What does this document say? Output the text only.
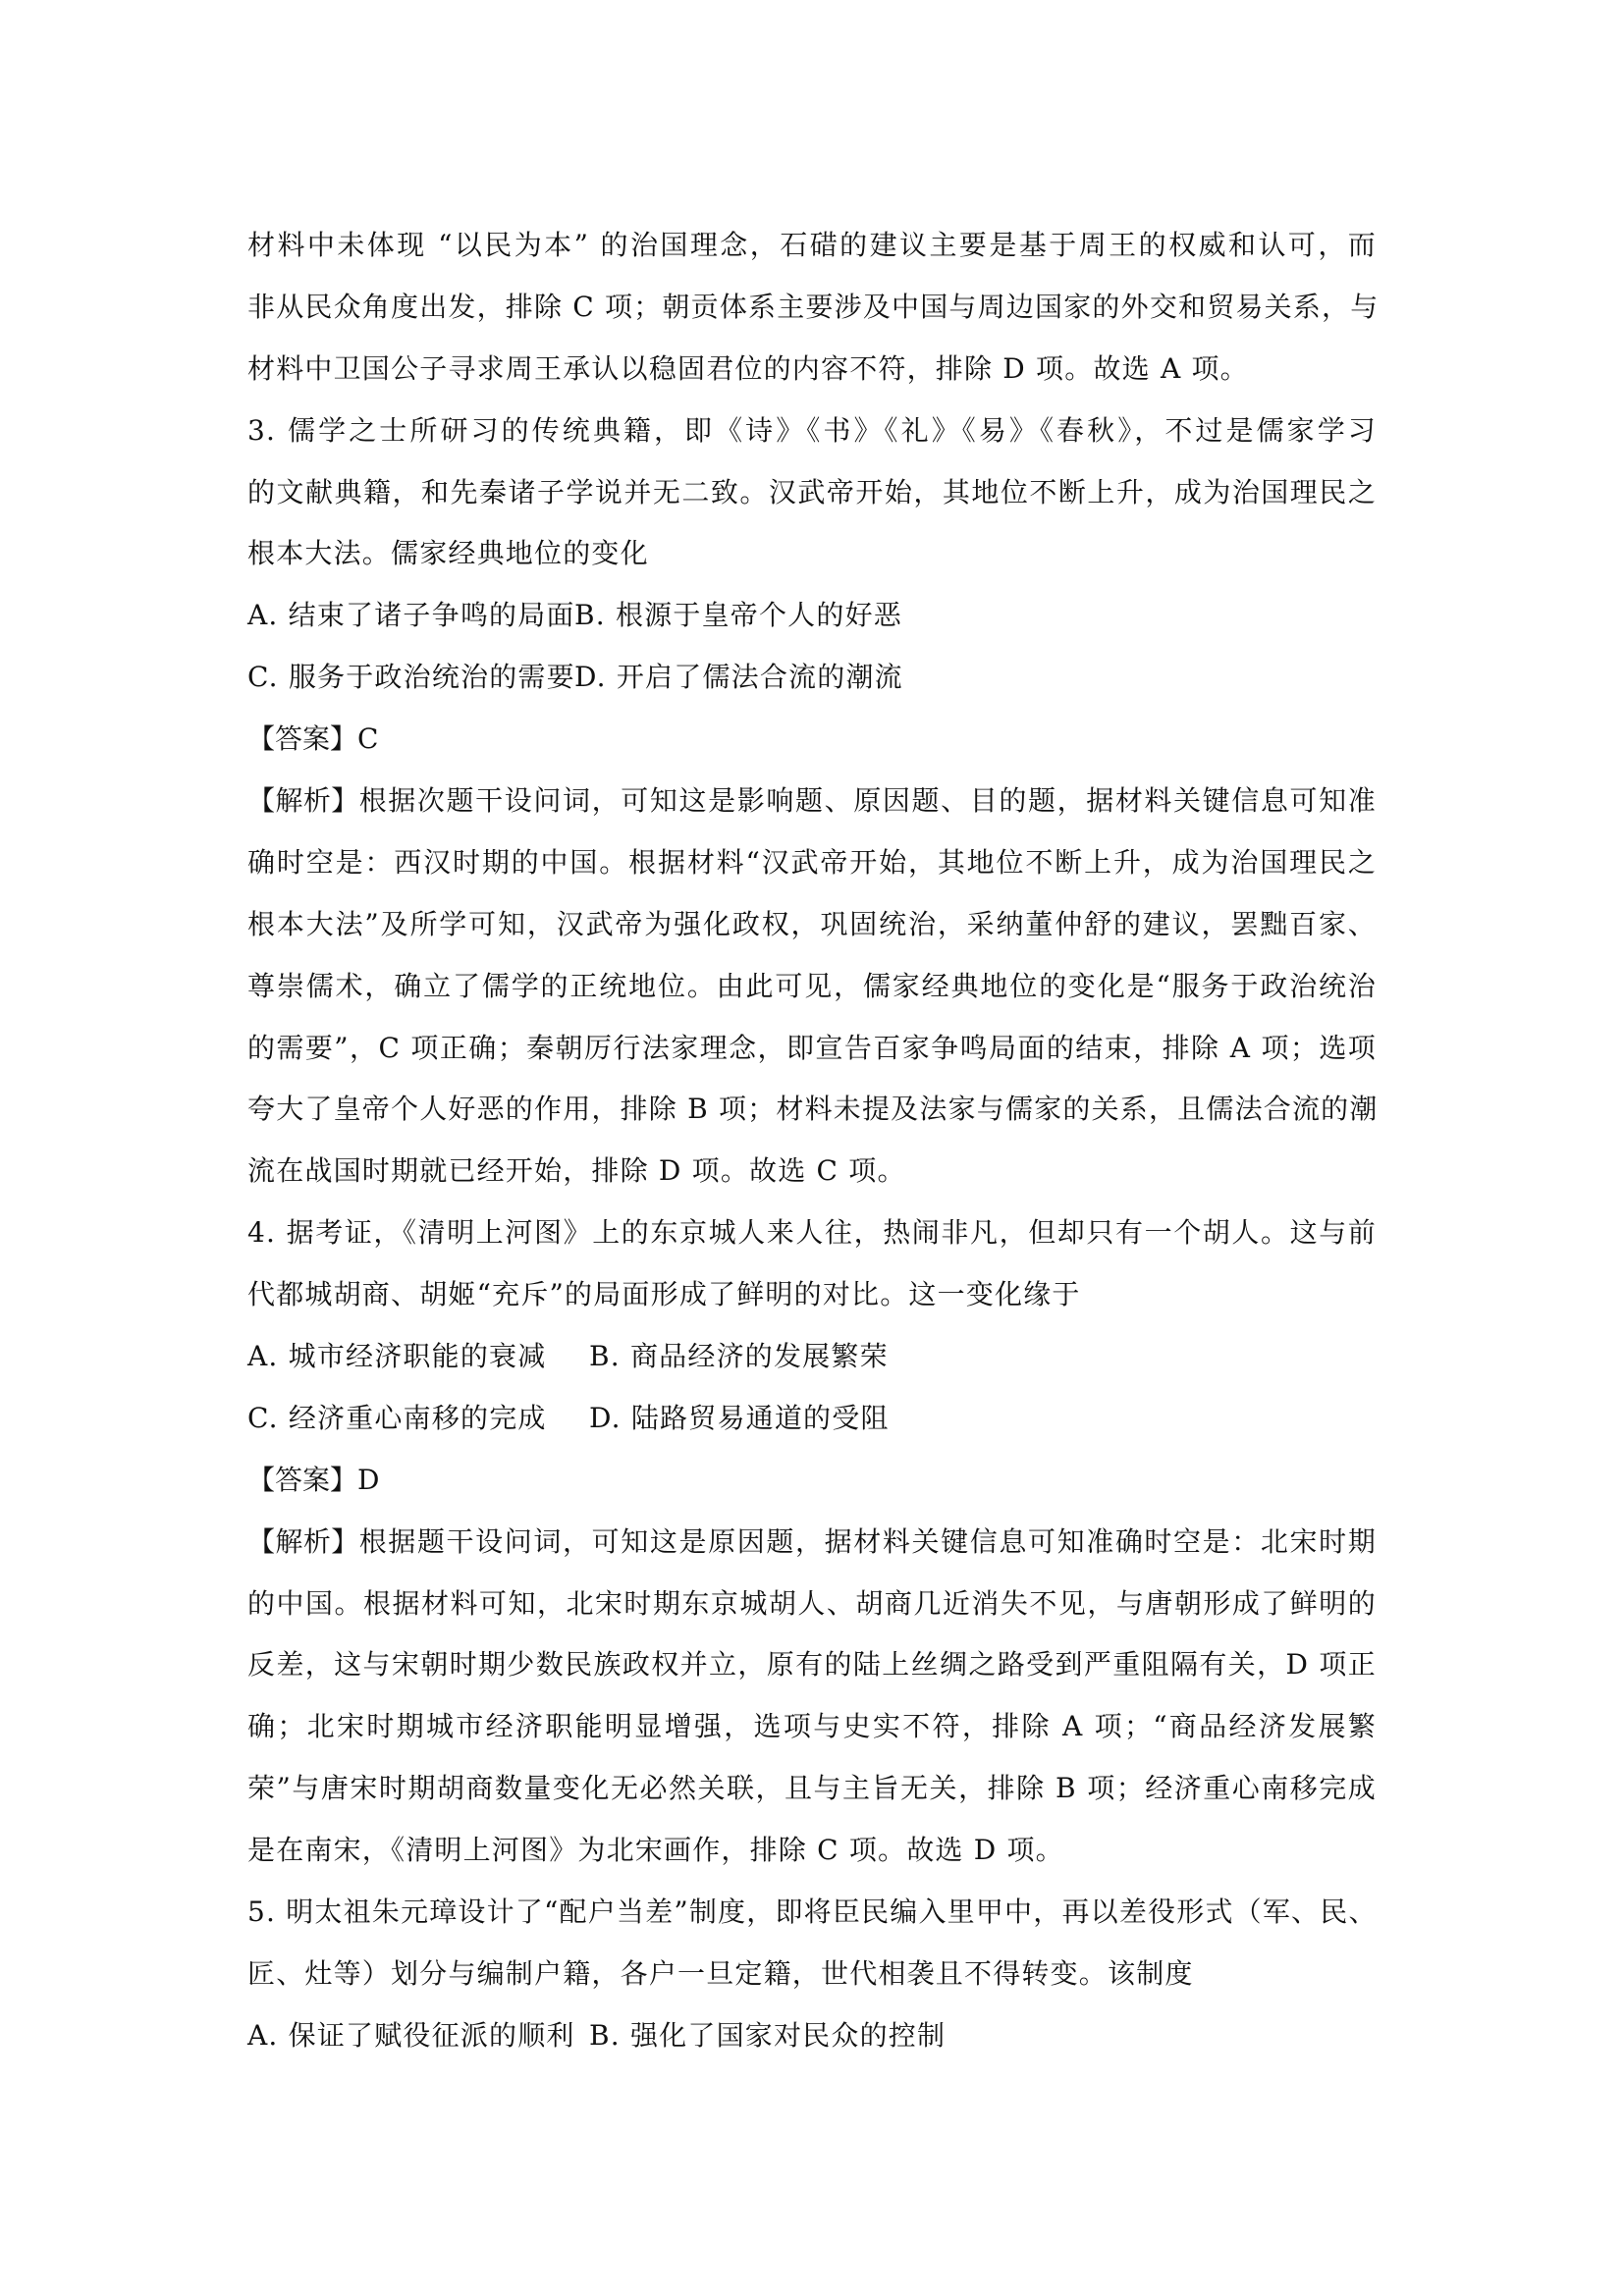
材料中未体现 “以民为本” 的治国理念，石碏的建议主要是基于周王的权威和认可，而
非从民众角度出发，排除 C 项；朝贡体系主要涉及中国与周边国家的外交和贸易关系，与
材料中卫国公子寻求周王承认以稳固君位的内容不符，排除 D 项。故选 A 项。
3. 儒学之士所研习的传统典籍，即《诗》《书》《礼》《易》《春秋》，不过是儒家学习
的文献典籍，和先秦诸子学说并无二致。汉武帝开始，其地位不断上升，成为治国理民之
根本大法。儒家经典地位的变化
A. 结束了诸子争鸣的局面 B. 根源于皇帝个人的好恶
C. 服务于政治统治的需要 D. 开启了儒法合流的潮流
【答案】C
【解析】根据次题干设问词，可知这是影响题、原因题、目的题，据材料关键信息可知准
确时空是：西汉时期的中国。根据材料“汉武帝开始，其地位不断上升，成为治国理民之
根本大法”及所学可知，汉武帝为强化政权，巩固统治，采纳董仲舒的建议，罢黜百家、
尊崇儒术，确立了儒学的正统地位。由此可见，儒家经典地位的变化是“服务于政治统治
的需要”，C 项正确；秦朝厉行法家理念，即宣告百家争鸣局面的结束，排除 A 项；选项
夸大了皇帝个人好恶的作用，排除 B 项；材料未提及法家与儒家的关系，且儒法合流的潮
流在战国时期就已经开始，排除 D 项。故选 C 项。
4. 据考证，《清明上河图》上的东京城人来人往，热闹非凡，但却只有一个胡人。这与前
代都城胡商、胡姬“充斥”的局面形成了鲜明的对比。这一变化缘于
A. 城市经济职能的衰减	B. 商品经济的发展繁荣
C. 经济重心南移的完成	D. 陆路贸易通道的受阻
【答案】D
【解析】根据题干设问词，可知这是原因题，据材料关键信息可知准确时空是：北宋时期
的中国。根据材料可知，北宋时期东京城胡人、胡商几近消失不见，与唐朝形成了鲜明的
反差，这与宋朝时期少数民族政权并立，原有的陆上丝绸之路受到严重阻隔有关，D 项正
确；北宋时期城市经济职能明显增强，选项与史实不符，排除 A 项；“商品经济发展繁
荣”与唐宋时期胡商数量变化无必然关联，且与主旨无关，排除 B 项；经济重心南移完成
是在南宋，《清明上河图》为北宋画作，排除 C 项。故选 D 项。
5. 明太祖朱元璋设计了“配户当差”制度，即将臣民编入里甲中，再以差役形式（军、民、
匠、灶等）划分与编制户籍，各户一旦定籍，世代相袭且不得转变。该制度
A. 保证了赋役征派的顺利 B. 强化了国家对民众的控制
